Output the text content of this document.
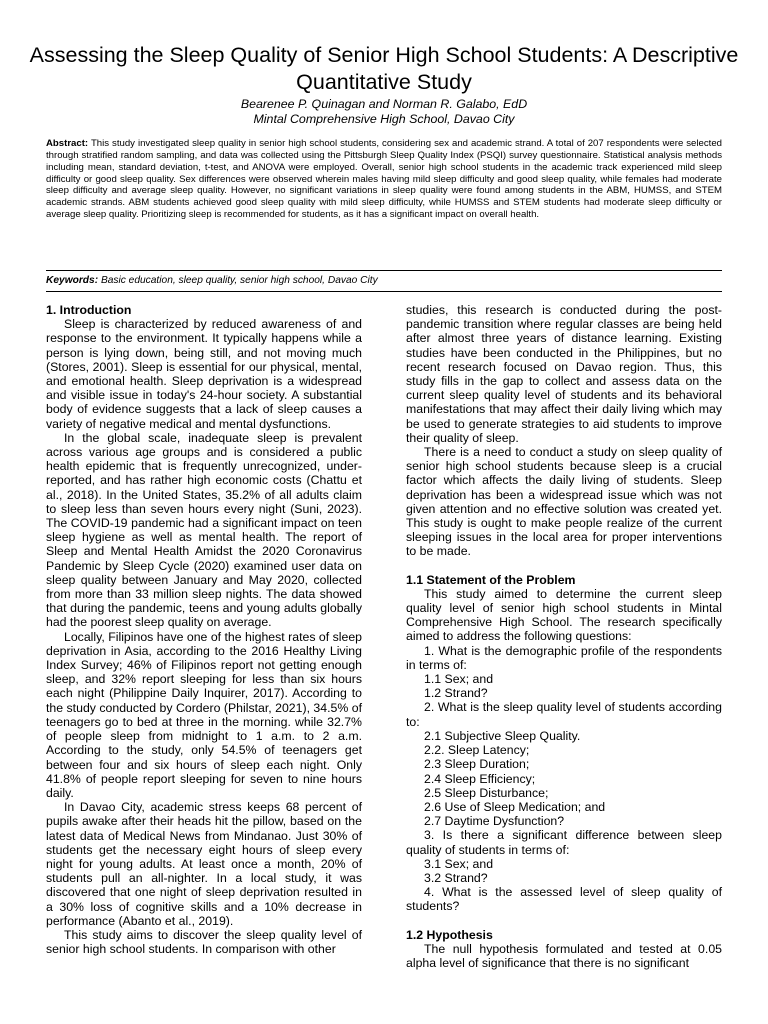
Assessing the Sleep Quality of Senior High School Students: A Descriptive Quantitative Study
Bearenee P. Quinagan and Norman R. Galabo, EdD
Mintal Comprehensive High School, Davao City
Abstract: This study investigated sleep quality in senior high school students, considering sex and academic strand. A total of 207 respondents were selected through stratified random sampling, and data was collected using the Pittsburgh Sleep Quality Index (PSQI) survey questionnaire. Statistical analysis methods including mean, standard deviation, t-test, and ANOVA were employed. Overall, senior high school students in the academic track experienced mild sleep difficulty or good sleep quality. Sex differences were observed wherein males having mild sleep difficulty and good sleep quality, while females had moderate sleep difficulty and average sleep quality. However, no significant variations in sleep quality were found among students in the ABM, HUMSS, and STEM academic strands. ABM students achieved good sleep quality with mild sleep difficulty, while HUMSS and STEM students had moderate sleep difficulty or average sleep quality. Prioritizing sleep is recommended for students, as it has a significant impact on overall health.
Keywords: Basic education, sleep quality, senior high school, Davao City
1. Introduction
Sleep is characterized by reduced awareness of and response to the environment. It typically happens while a person is lying down, being still, and not moving much (Stores, 2001). Sleep is essential for our physical, mental, and emotional health. Sleep deprivation is a widespread and visible issue in today's 24-hour society. A substantial body of evidence suggests that a lack of sleep causes a variety of negative medical and mental dysfunctions.
In the global scale, inadequate sleep is prevalent across various age groups and is considered a public health epidemic that is frequently unrecognized, under-reported, and has rather high economic costs (Chattu et al., 2018). In the United States, 35.2% of all adults claim to sleep less than seven hours every night (Suni, 2023). The COVID-19 pandemic had a significant impact on teen sleep hygiene as well as mental health. The report of Sleep and Mental Health Amidst the 2020 Coronavirus Pandemic by Sleep Cycle (2020) examined user data on sleep quality between January and May 2020, collected from more than 33 million sleep nights. The data showed that during the pandemic, teens and young adults globally had the poorest sleep quality on average.
Locally, Filipinos have one of the highest rates of sleep deprivation in Asia, according to the 2016 Healthy Living Index Survey; 46% of Filipinos report not getting enough sleep, and 32% report sleeping for less than six hours each night (Philippine Daily Inquirer, 2017). According to the study conducted by Cordero (Philstar, 2021), 34.5% of teenagers go to bed at three in the morning. while 32.7% of people sleep from midnight to 1 a.m. to 2 a.m. According to the study, only 54.5% of teenagers get between four and six hours of sleep each night. Only 41.8% of people report sleeping for seven to nine hours daily.
In Davao City, academic stress keeps 68 percent of pupils awake after their heads hit the pillow, based on the latest data of Medical News from Mindanao. Just 30% of students get the necessary eight hours of sleep every night for young adults. At least once a month, 20% of students pull an all-nighter. In a local study, it was discovered that one night of sleep deprivation resulted in a 30% loss of cognitive skills and a 10% decrease in performance (Abanto et al., 2019).
This study aims to discover the sleep quality level of senior high school students. In comparison with other
studies, this research is conducted during the post-pandemic transition where regular classes are being held after almost three years of distance learning. Existing studies have been conducted in the Philippines, but no recent research focused on Davao region. Thus, this study fills in the gap to collect and assess data on the current sleep quality level of students and its behavioral manifestations that may affect their daily living which may be used to generate strategies to aid students to improve their quality of sleep.
There is a need to conduct a study on sleep quality of senior high school students because sleep is a crucial factor which affects the daily living of students. Sleep deprivation has been a widespread issue which was not given attention and no effective solution was created yet. This study is ought to make people realize of the current sleeping issues in the local area for proper interventions to be made.
1.1 Statement of the Problem
This study aimed to determine the current sleep quality level of senior high school students in Mintal Comprehensive High School. The research specifically aimed to address the following questions:
1. What is the demographic profile of the respondents in terms of:
1.1 Sex; and
1.2 Strand?
2. What is the sleep quality level of students according to:
2.1 Subjective Sleep Quality.
2.2. Sleep Latency;
2.3 Sleep Duration;
2.4 Sleep Efficiency;
2.5 Sleep Disturbance;
2.6 Use of Sleep Medication; and
2.7 Daytime Dysfunction?
3. Is there a significant difference between sleep quality of students in terms of:
3.1 Sex; and
3.2 Strand?
4. What is the assessed level of sleep quality of students?
1.2 Hypothesis
The null hypothesis formulated and tested at 0.05 alpha level of significance that there is no significant
